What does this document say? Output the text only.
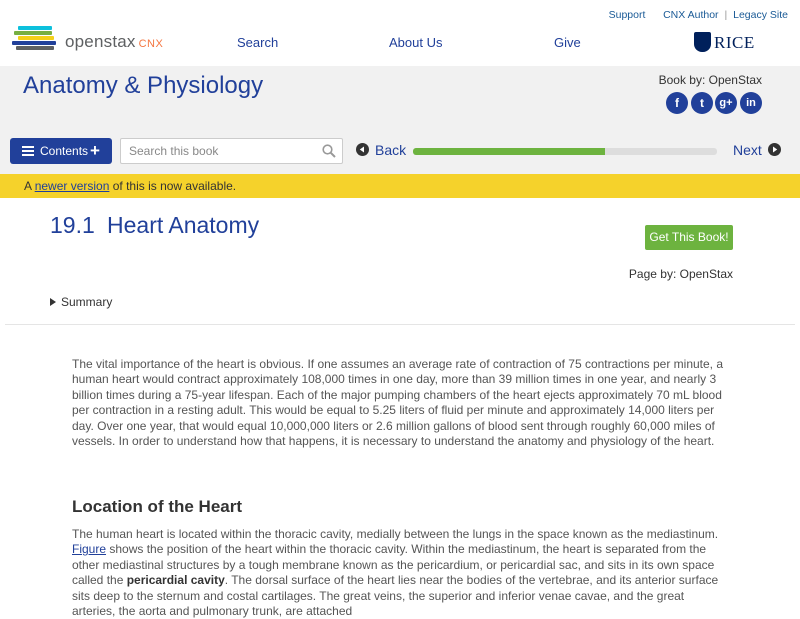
openstax CNX
Support CNX Author | Legacy Site
Search	About Us	Give	RICE
Anatomy & Physiology	Book by: OpenStax
f	t	g+	in
Contents +
Search this book	Back	Next
A newer version of this is now available.
19.1 Heart Anatomy	Get This Book!
Page by: OpenStax
Summary

The vital importance of the heart is obvious. If one assumes an average rate of contraction of 75 contractions per minute, a human heart would contract approximately 108,000 times in one day, more than 39 million times in one year, and nearly 3 billion times during a 75-year lifespan. Each of the major pumping chambers of the heart ejects approximately 70 mL blood per contraction in a resting adult. This would be equal to 5.25 liters of fluid per minute and approximately 14,000 liters per day. Over one year, that would equal 10,000,000 liters or 2.6 million gallons of blood sent through roughly 60,000 miles of vessels. In order to understand how that happens, it is necessary to understand the anatomy and physiology of the heart.

Location of the Heart

The human heart is located within the thoracic cavity, medially between the lungs in the space known as the mediastinum. Figure shows the position of the heart within the thoracic cavity. Within the mediastinum, the heart is separated from the other mediastinal structures by a tough membrane known as the pericardium, or pericardial sac, and sits in its own space called the pericardial cavity. The dorsal surface of the heart lies near the bodies of the vertebrae, and its anterior surface sits deep to the sternum and costal cartilages. The great veins, the superior and inferior venae cavae, and the great arteries, the aorta and pulmonary trunk, are attached
